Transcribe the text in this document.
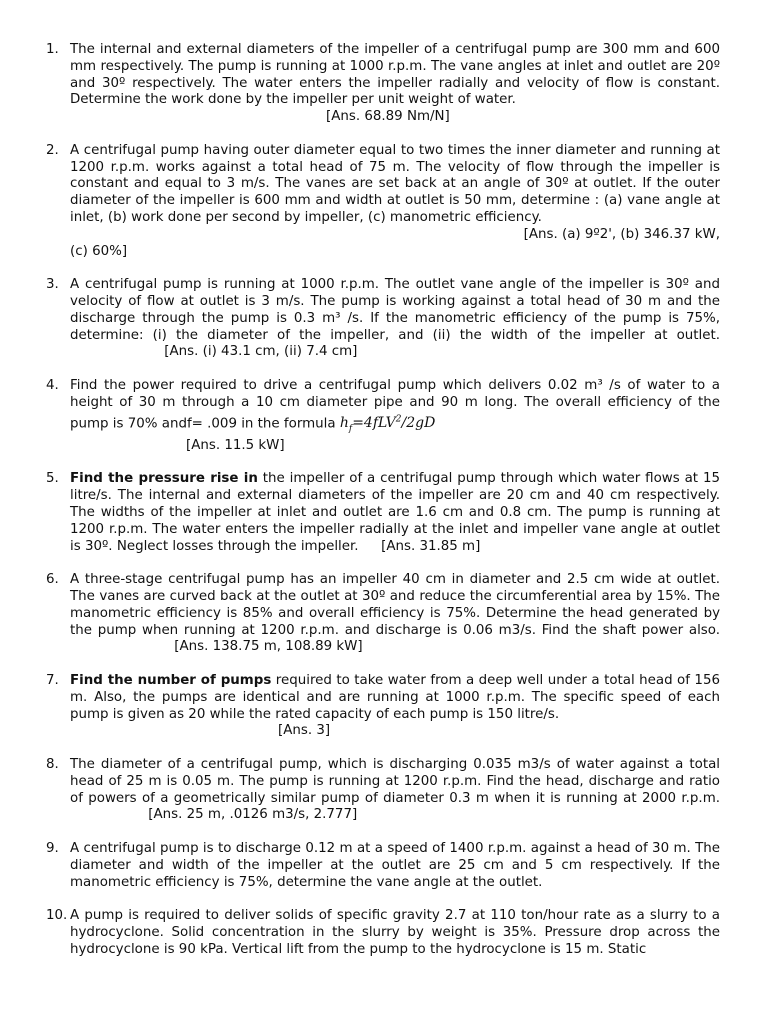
1. The internal and external diameters of the impeller of a centrifugal pump are 300 mm and 600 mm respectively. The pump is running at 1000 r.p.m. The vane angles at inlet and outlet are 20º and 30º respectively. The water enters the impeller radially and velocity of flow is constant. Determine the work done by the impeller per unit weight of water.
[Ans. 68.89 Nm/N]
2. A centrifugal pump having outer diameter equal to two times the inner diameter and running at 1200 r.p.m. works against a total head of 75 m. The velocity of flow through the impeller is constant and equal to 3 m/s. The vanes are set back at an angle of 30º at outlet. If the outer diameter of the impeller is 600 mm and width at outlet is 50 mm, determine : (a) vane angle at inlet, (b) work done per second by impeller, (c) manometric efficiency.
[Ans. (a) 9º2', (b) 346.37 kW,
(c) 60%]
3. A centrifugal pump is running at 1000 r.p.m. The outlet vane angle of the impeller is 30º and velocity of flow at outlet is 3 m/s. The pump is working against a total head of 30 m and the discharge through the pump is 0.3 m³ /s. If the manometric efficiency of the pump is 75%, determine: (i) the diameter of the impeller, and (ii) the width of the impeller at outlet.  [Ans. (i) 43.1 cm, (ii) 7.4 cm]
4. Find the power required to drive a centrifugal pump which delivers 0.02 m³ /s of water to a height of 30 m through a 10 cm diameter pipe and 90 m long. The overall efficiency of the pump is 70% andf= .009 in the formula $h_f=4fLV^2/2gD$
[Ans. 11.5 kW]
5. Find the pressure rise in the impeller of a centrifugal pump through which water flows at 15 litre/s. The internal and external diameters of the impeller are 20 cm and 40 cm respectively. The widths of the impeller at inlet and outlet are 1.6 cm and 0.8 cm. The pump is running at 1200 r.p.m. The water enters the impeller radially at the inlet and impeller vane angle at outlet is 30º. Neglect losses through the impeller. [Ans. 31.85 m]
6. A three-stage centrifugal pump has an impeller 40 cm in diameter and 2.5 cm wide at outlet. The vanes are curved back at the outlet at 30º and reduce the circumferential area by 15%. The manometric efficiency is 85% and overall efficiency is 75%. Determine the head generated by the pump when running at 1200 r.p.m. and discharge is 0.06 m3/s. Find the shaft power also.  [Ans. 138.75 m, 108.89 kW]
7. Find the number of pumps required to take water from a deep well under a total head of 156 m. Also, the pumps are identical and are running at 1000 r.p.m. The specific speed of each pump is given as 20 while the rated capacity of each pump is 150 litre/s.
[Ans. 3]
8. The diameter of a centrifugal pump, which is discharging 0.035 m3/s of water against a total head of 25 m is 0.05 m. The pump is running at 1200 r.p.m. Find the head, discharge and ratio of powers of a geometrically similar pump of diameter 0.3 m when it is running at 2000 r.p.m.  [Ans. 25 m, .0126 m3/s, 2.777]
9. A centrifugal pump is to discharge 0.12 m at a speed of 1400 r.p.m. against a head of 30 m. The diameter and width of the impeller at the outlet are 25 cm and 5 cm respectively. If the manometric efficiency is 75%, determine the vane angle at the outlet.
10. A pump is required to deliver solids of specific gravity 2.7 at 110 ton/hour rate as a slurry to a hydrocyclone. Solid concentration in the slurry by weight is 35%. Pressure drop across the hydrocyclone is 90 kPa. Vertical lift from the pump to the hydrocyclone is 15 m. Static
